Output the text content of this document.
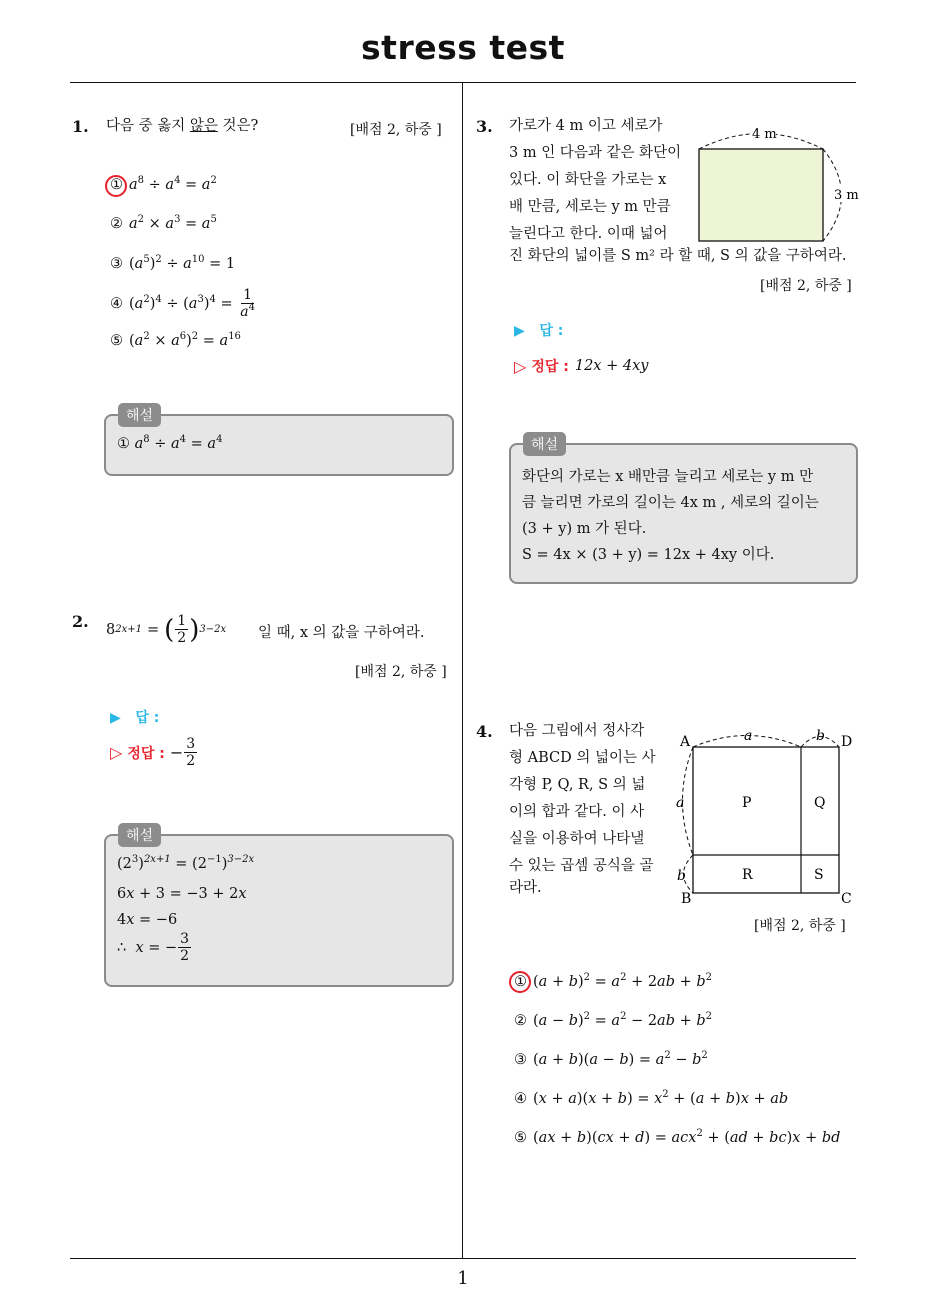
stress test
1
1. 다음 중 옳지 않은 것은?	[배점 2, 하중 ]
① $a^8 \div a^4 = a^2$
② $a^2 \times a^3 = a^5$
③ $(a^5)^2 \div a^{10} = 1$
④ $(a^2)^4 \div (a^3)^4 = \frac{1}{a^4}$
⑤ $(a^2 \times a^6)^2 = a^{16}$
해설
① $a^8 \div a^4 = a^4$
2. 8 2x+1 = ( $\frac{1}{2}$ ) 3−2x 일 때, x 의 값을 구하여라.
[배점 2, 하중 ]
▶ 답 :
▷ 정답 : − $\frac{3}{2}$
해설
$(2^3)^{2x+1} = (2^{-1})^{3-2x}$
6x + 3 = −3 + 2x
4x = −6
∴ x = − $\frac{3}{2}$
3. 가로가 4 m 이고 세로가
3 m 인 다음과 같은 화단이
있다. 이 화단을 가로는 x
배 만큼, 세로는 y m 만큼
늘린다고 한다. 이때 넓어
진 화단의 넓이를 S m² 라 할 때, S 의 값을 구하여라.
[배점 2, 하중 ]
4 m
3 m
▶ 답 :
▷ 정답 : 12x + 4xy
해설
화단의 가로는 x 배만큼 늘리고 세로는 y m 만
큼 늘리면 가로의 길이는 4x m , 세로의 길이는
(3 + y) m 가 된다.
S = 4x × (3 + y) = 12x + 4xy 이다.
4. 다음 그림에서 정사각
형 ABCD 의 넓이는 사
각형 P, Q, R, S 의 넓
이의 합과 같다. 이 사
실을 이용하여 나타낼
수 있는 곱셈 공식을 골
라라.
[배점 2, 하중 ]
A	D
B	C
P	Q
R	S
a	b
a
b
① $(a + b)^2 = a^2 + 2ab + b^2$
② $(a - b)^2 = a^2 - 2ab + b^2$
③ $(a + b)(a - b) = a^2 - b^2$
④ $(x + a)(x + b) = x^2 + (a + b)x$ + ab
⑤ (ax + b)(cx + d) = acx$^2$ + (ad + bc)x + bd
